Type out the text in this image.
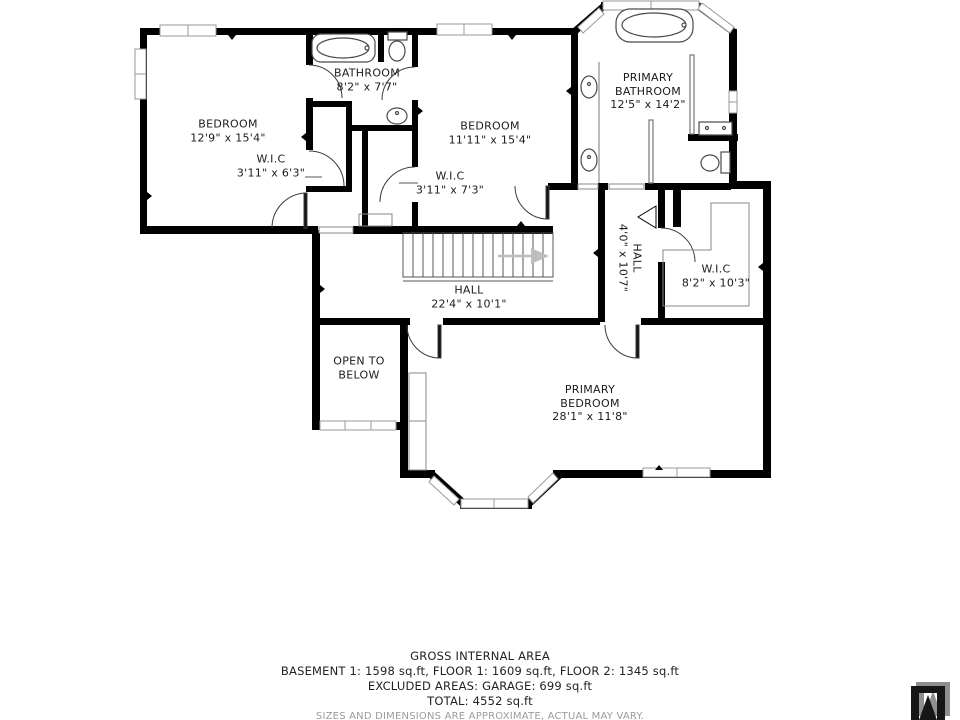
BEDROOM
12'9" x 15'4"
W.I.C
3'11" x 6'3"
BATHROOM
8'2" x 7'7"
BEDROOM
11'11" x 15'4"
W.I.C
3'11" x 7'3"
PRIMARY
BATHROOM
12'5" x 14'2"
HALL
4'0" x 10'7"	W.I.C
8'2" x 10'3"
HALL
22'4" x 10'1"
OPEN TO
BELOW
PRIMARY
BEDROOM
28'1" x 11'8"
GROSS INTERNAL AREA
BASEMENT 1: 1598 sq.ft, FLOOR 1: 1609 sq.ft, FLOOR 2: 1345 sq.ft
EXCLUDED AREAS: GARAGE: 699 sq.ft
TOTAL: 4552 sq.ft
SIZES AND DIMENSIONS ARE APPROXIMATE, ACTUAL MAY VARY.
